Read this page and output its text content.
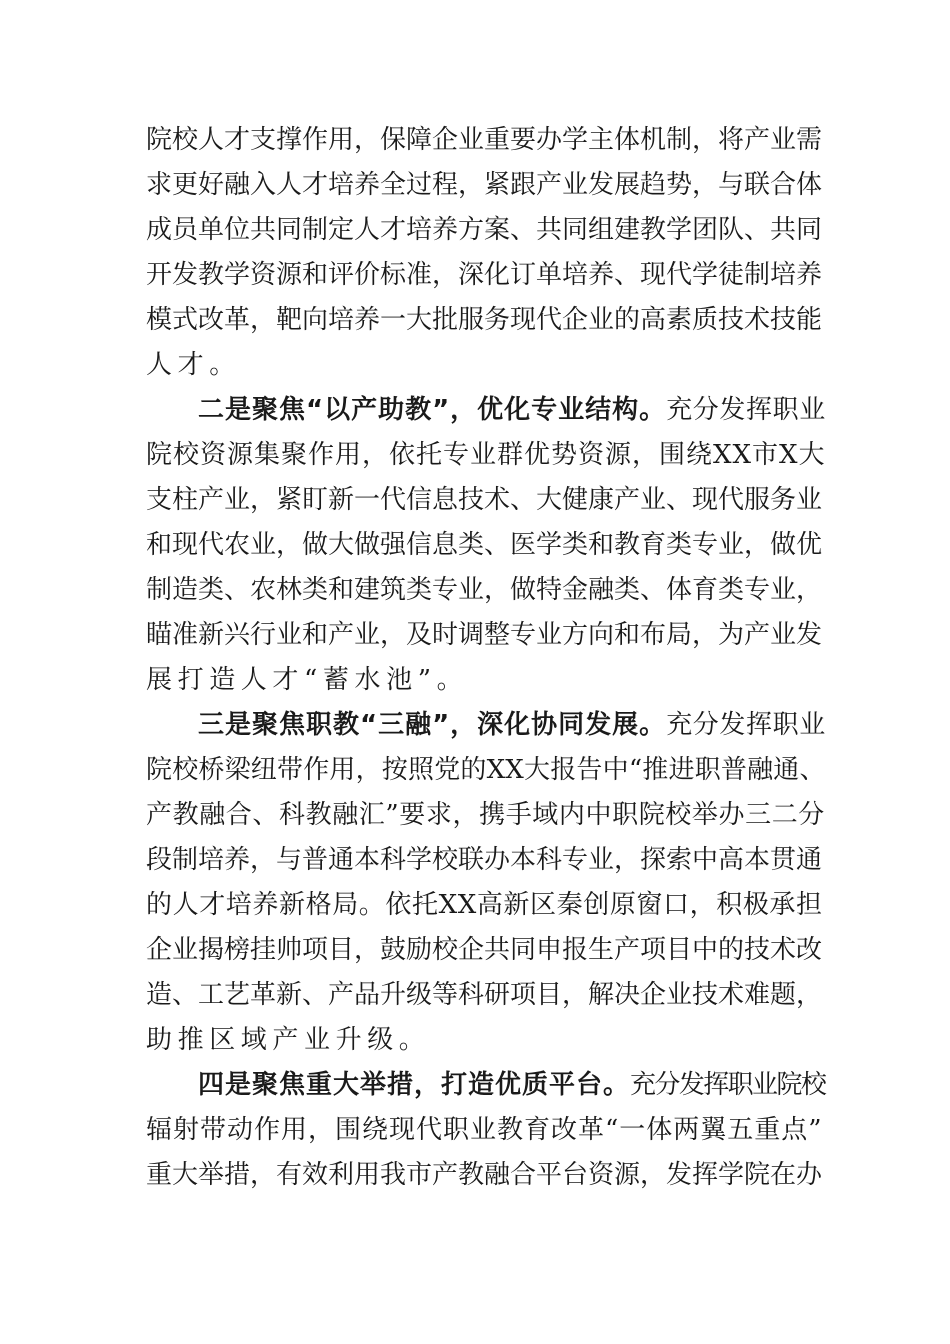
院校人才支撑作用，保障企业重要办学主体机制，将产业需
求更好融入人才培养全过程，紧跟产业发展趋势，与联合体
成员单位共同制定人才培养方案、共同组建教学团队、共同
开发教学资源和评价标准，深化订单培养、现代学徒制培养
模式改革，靶向培养一大批服务现代企业的高素质技术技能
人才。
二是聚焦“以产助教”，优化专业结构。充分发挥职业
院校资源集聚作用，依托专业群优势资源，围绕XX市X大
支柱产业，紧盯新一代信息技术、大健康产业、现代服务业
和现代农业，做大做强信息类、医学类和教育类专业，做优
制造类、农林类和建筑类专业，做特金融类、体育类专业，
瞄准新兴行业和产业，及时调整专业方向和布局，为产业发
展打造人才“蓄水池”。
三是聚焦职教“三融”，深化协同发展。充分发挥职业
院校桥梁纽带作用，按照党的XX大报告中“推进职普融通、
产教融合、科教融汇”要求，携手域内中职院校举办三二分
段制培养，与普通本科学校联办本科专业，探索中高本贯通
的人才培养新格局。依托XX高新区秦创原窗口，积极承担
企业揭榜挂帅项目，鼓励校企共同申报生产项目中的技术改
造、工艺革新、产品升级等科研项目，解决企业技术难题，
助推区域产业升级。
四是聚焦重大举措，打造优质平台。充分发挥职业院校
辐射带动作用，围绕现代职业教育改革“一体两翼五重点”
重大举措，有效利用我市产教融合平台资源，发挥学院在办
